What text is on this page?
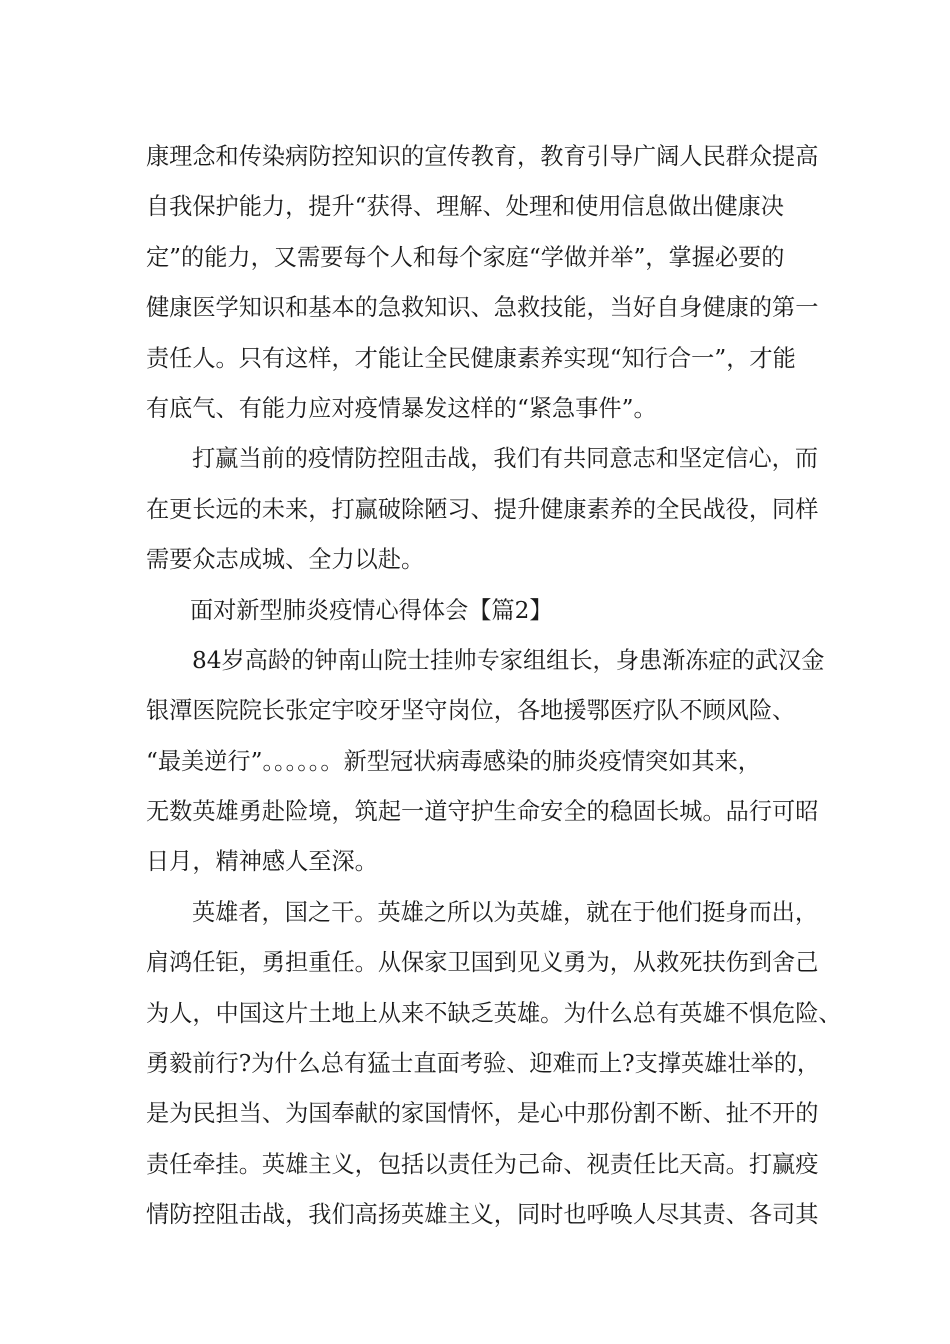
康理念和传染病防控知识的宣传教育，教育引导广阔人民群众提高
自我保护能力，提升“获得、理解、处理和使用信息做出健康决
定”的能力，又需要每个人和每个家庭“学做并举”，掌握必要的
健康医学知识和基本的急救知识、急救技能，当好自身健康的第一
责任人。只有这样，才能让全民健康素养实现“知行合一”，才能
有底气、有能力应对疫情暴发这样的“紧急事件”。
打赢当前的疫情防控阻击战，我们有共同意志和坚定信心，而
在更长远的未来，打赢破除陋习、提升健康素养的全民战役，同样
需要众志成城、全力以赴。
面对新型肺炎疫情心得体会【篇2】
84岁高龄的钟南山院士挂帅专家组组长，身患渐冻症的武汉金
银潭医院院长张定宇咬牙坚守岗位，各地援鄂医疗队不顾风险、
“最美逆行”。。。。。。新型冠状病毒感染的肺炎疫情突如其来，
无数英雄勇赴险境，筑起一道守护生命安全的稳固长城。品行可昭
日月，精神感人至深。
英雄者，国之干。英雄之所以为英雄，就在于他们挺身而出，
肩鸿任钜，勇担重任。从保家卫国到见义勇为，从救死扶伤到舍己
为人，中国这片土地上从来不缺乏英雄。为什么总有英雄不惧危险、
勇毅前行?为什么总有猛士直面考验、迎难而上?支撑英雄壮举的，
是为民担当、为国奉献的家国情怀，是心中那份割不断、扯不开的
责任牵挂。英雄主义，包括以责任为己命、视责任比天高。打赢疫
情防控阻击战，我们高扬英雄主义，同时也呼唤人尽其责、各司其
